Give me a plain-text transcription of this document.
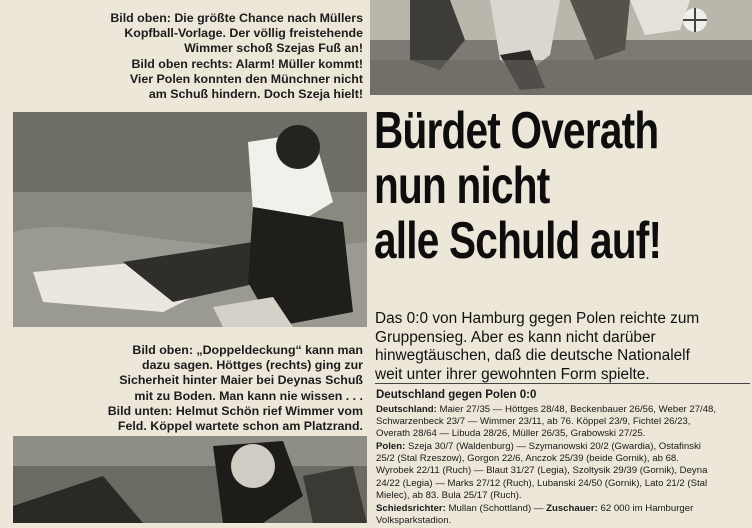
Bild oben: Die größte Chance nach Müllers
Kopfball-Vorlage. Der völlig freistehende
Wimmer schoß Szejas Fuß an!
Bild oben rechts: Alarm! Müller kommt!
Vier Polen konnten den Münchner nicht
am Schuß hindern. Doch Szeja hielt!
Bild oben: „Doppeldeckung“ kann man
dazu sagen. Höttges (rechts) ging zur
Sicherheit hinter Maier bei Deynas Schuß
mit zu Boden. Man kann nie wissen . . .
Bild unten: Helmut Schön rief Wimmer vom
Feld. Köppel wartete schon am Platzrand.
Bürdet Overath
nun nicht
alle Schuld auf!
Das 0:0 von Hamburg gegen Polen reichte zum
Gruppensieg. Aber es kann nicht darüber
hinwegtäuschen, daß die deutsche Nationalelf
weit unter ihrer gewohnten Form spielte.
Deutschland gegen Polen 0:0
Deutschland: Maier 27/35 — Höttges 28/48, Beckenbauer 26/56, Weber 27/48,
Schwarzenbeck 23/7 — Wimmer 23/11, ab 76. Köppel 23/9, Fichtel 26/23,
Overath 28/64 — Libuda 28/26, Müller 26/35, Grabowski 27/25.
Polen: Szeja 30/7 (Waldenburg) — Szymanowski 20/2 (Gwardia), Ostafinski
25/2 (Stal Rzeszow), Gorgon 22/6, Anczok 25/39 (beide Gornik), ab 68.
Wyrobek 22/11 (Ruch) — Blaut 31/27 (Legia), Szoltysik 29/39 (Gornik), Deyna
24/22 (Legia) — Marks 27/12 (Ruch), Lubanski 24/50 (Gornik), Lato 21/2 (Stal
Mielec), ab 83. Bula 25/17 (Ruch).
Schiedsrichter: Mullan (Schottland) — Zuschauer: 62 000 im Hamburger
Volksparkstadion.
